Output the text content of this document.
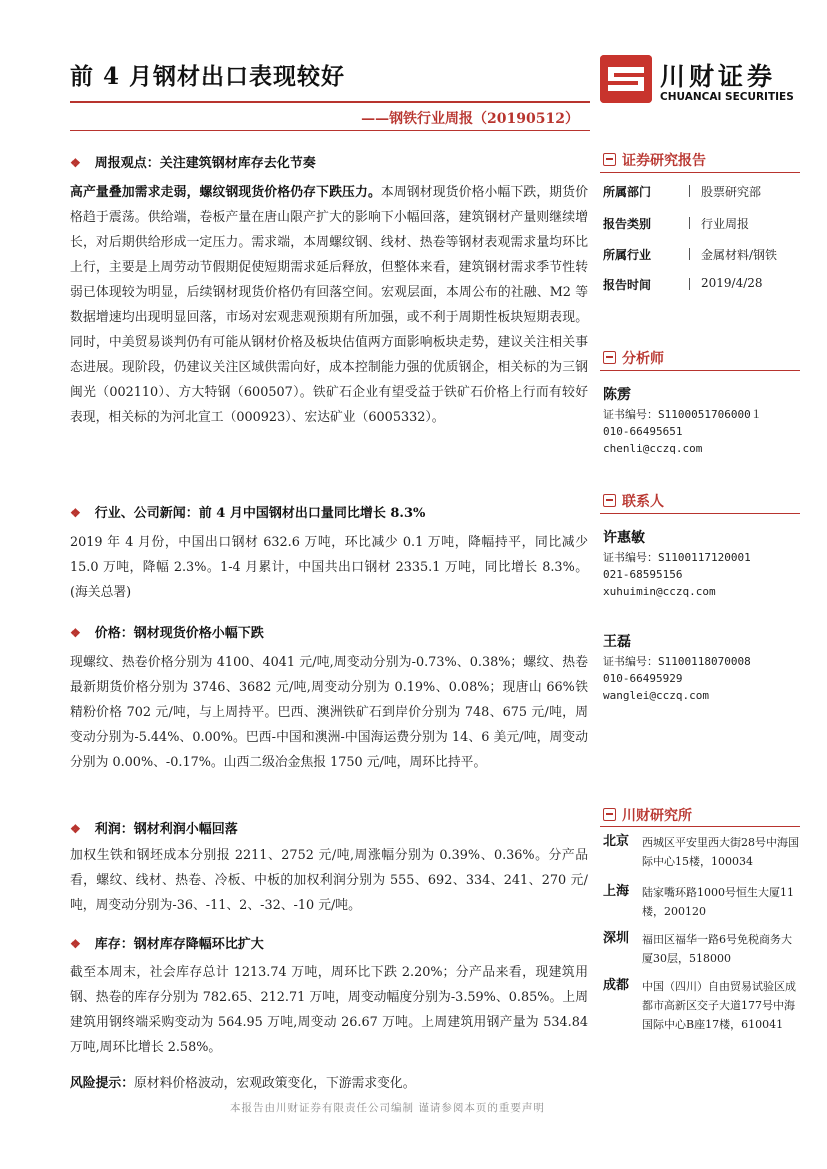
前 4 月钢材出口表现较好
——钢铁行业周报（20190512）
川财证券
CHUANCAI SECURITIES
❖ 周报观点：关注建筑钢材库存去化节奏
高产量叠加需求走弱，螺纹钢现货价格仍存下跌压力。本周钢材现货价格小幅下跌，期货价格趋于震荡。供给端，卷板产量在唐山限产扩大的影响下小幅回落，建筑钢材产量则继续增长，对后期供给形成一定压力。需求端，本周螺纹钢、线材、热卷等钢材表观需求量均环比上行，主要是上周劳动节假期促使短期需求延后释放，但整体来看，建筑钢材需求季节性转弱已体现较为明显，后续钢材现货价格仍有回落空间。宏观层面，本周公布的社融、M2 等数据增速均出现明显回落，市场对宏观悲观预期有所加强，或不利于周期性板块短期表现。同时，中美贸易谈判仍有可能从钢材价格及板块估值两方面影响板块走势，建议关注相关事态进展。现阶段，仍建议关注区域供需向好，成本控制能力强的优质钢企，相关标的为三钢闽光（002110）、方大特钢（600507）。铁矿石企业有望受益于铁矿石价格上行而有较好表现，相关标的为河北宣工（000923）、宏达矿业（6005332）。
❖ 行业、公司新闻：前 4 月中国钢材出口量同比增长 8.3%
2019 年 4 月份，中国出口钢材 632.6 万吨，环比减少 0.1 万吨，降幅持平，同比减少 15.0 万吨，降幅 2.3%。1-4 月累计，中国共出口钢材 2335.1 万吨，同比增长 8.3%。(海关总署)
❖ 价格：钢材现货价格小幅下跌
现螺纹、热卷价格分别为 4100、4041 元/吨,周变动分别为-0.73%、0.38%；螺纹、热卷最新期货价格分别为 3746、3682 元/吨,周变动分别为 0.19%、0.08%；现唐山 66%铁精粉价格 702 元/吨，与上周持平。巴西、澳洲铁矿石到岸价分别为 748、675 元/吨，周变动分别为-5.44%、0.00%。巴西-中国和澳洲-中国海运费分别为 14、6 美元/吨，周变动分别为 0.00%、-0.17%。山西二级冶金焦报 1750 元/吨，周环比持平。
❖ 利润：钢材利润小幅回落
加权生铁和钢坯成本分别报 2211、2752 元/吨,周涨幅分别为 0.39%、0.36%。分产品看，螺纹、线材、热卷、冷板、中板的加权利润分别为 555、692、334、241、270 元/吨，周变动分别为-36、-11、2、-32、-10 元/吨。
❖ 库存：钢材库存降幅环比扩大
截至本周末，社会库存总计 1213.74 万吨，周环比下跌 2.20%；分产品来看，现建筑用钢、热卷的库存分别为 782.65、212.71 万吨，周变动幅度分别为-3.59%、0.85%。上周建筑用钢终端采购变动为 564.95 万吨,周变动 26.67 万吨。上周建筑用钢产量为 534.84 万吨,周环比增长 2.58%。
风险提示：原材料价格波动，宏观政策变化，下游需求变化。
本报告由川财证券有限责任公司编制 谨请参阅本页的重要声明
证券研究报告
所属部门	股票研究部
报告类别	行业周报
所属行业	金属材料/钢铁
报告时间	2019/4/28
分析师
陈雳
证书编号：S1100051706000１
010-66495651
chenli@cczq.com
联系人
许惠敏
证书编号：S1100117120001
021-68595156
xuhuimin@cczq.com
王磊
证书编号：S1100118070008
010-66495929
wanglei@cczq.com
川财研究所
北京 西城区平安里西大街28号中海国际中心15楼，100034
上海 陆家嘴环路1000号恒生大厦11楼，200120
深圳 福田区福华一路6号免税商务大厦30层，518000
成都 中国（四川）自由贸易试验区成都市高新区交子大道177号中海国际中心B座17楼，610041
